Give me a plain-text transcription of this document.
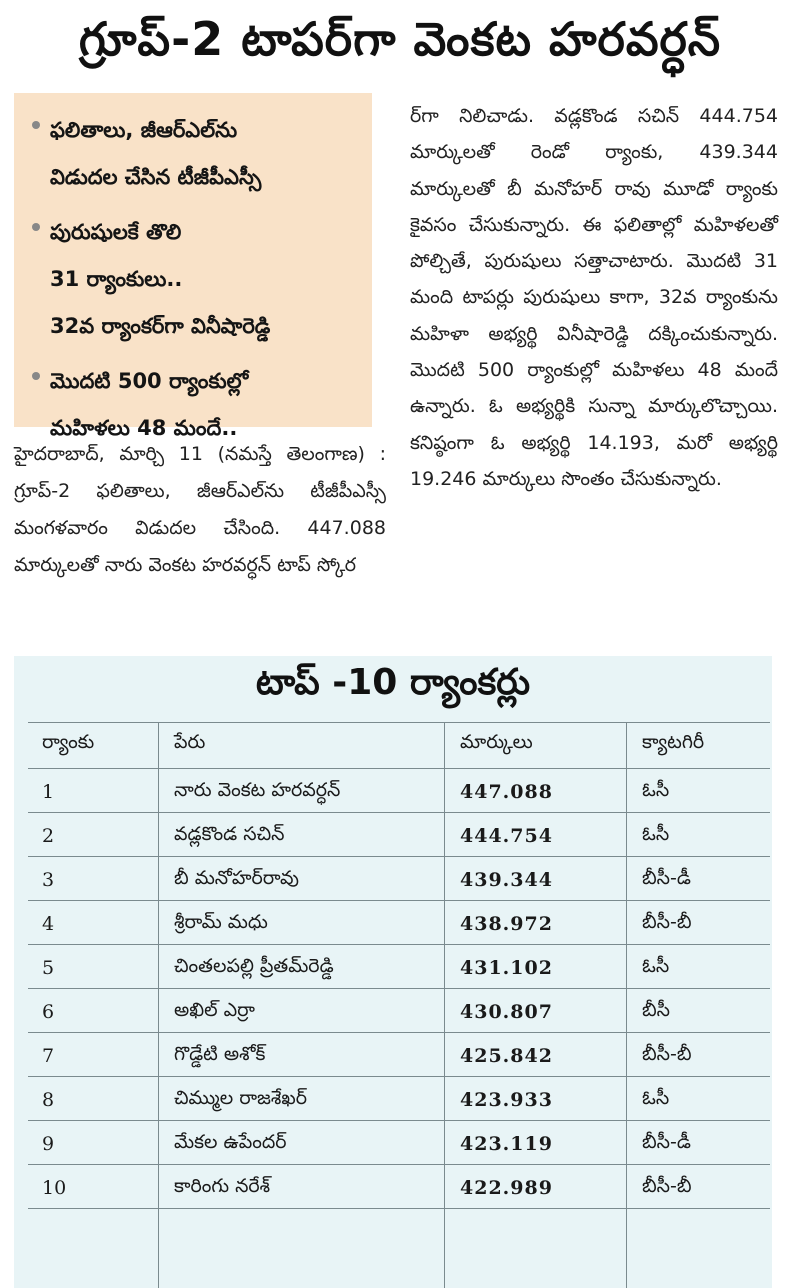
గ్రూప్-2 టాపర్‌గా వెంకట హరవర్ధన్
ఫలితాలు, జీఆర్‌ఎల్‌ను
విడుదల చేసిన టీజీపీఎస్సీ
పురుషులకే తొలి
31 ర్యాంకులు..
32వ ర్యాంకర్‌గా వినీషారెడ్డి
మొదటి 500 ర్యాంకుల్లో
మహిళలు 48 మందే..
హైదరాబాద్, మార్చి 11 (నమస్తే తెలంగాణ) : గ్రూప్-2 ఫలితాలు, జీఆర్‌ఎల్‌ను టీజీపీఎస్సీ మంగళవారం విడుదల చేసింది. 447.088 మార్కులతో నారు వెంకట హరవర్ధన్ టాప్ స్కోర
ర్‌గా నిలిచాడు. వడ్లకొండ సచిన్ 444.754 మార్కులతో రెండో ర్యాంకు, 439.344 మార్కులతో బీ మనోహర్ రావు మూడో ర్యాంకు కైవసం చేసుకున్నారు. ఈ ఫలితాల్లో మహిళలతో పోల్చితే, పురుషులు సత్తాచాటారు. మొదటి 31 మంది టాపర్లు పురుషులు కాగా, 32వ ర్యాంకును మహిళా అభ్యర్థి వినీషారెడ్డి దక్కించుకున్నారు. మొదటి 500 ర్యాంకుల్లో మహిళలు 48 మందే ఉన్నారు. ఓ అభ్యర్థికి సున్నా మార్కులొచ్చాయి. కనిష్ఠంగా ఓ అభ్యర్థి 14.193, మరో అభ్యర్థి 19.246 మార్కులు సొంతం చేసుకున్నారు.
టాప్ -10 ర్యాంకర్లు
ర్యాంకు	పేరు	మార్కులు	క్యాటగిరీ
1	నారు వెంకట హరవర్ధన్	447.088	ఓసీ
2	వడ్లకొండ సచిన్	444.754	ఓసీ
3	బీ మనోహర్‌రావు	439.344	బీసీ-డీ
4	శ్రీరామ్ మధు	438.972	బీసీ-బీ
5	చింతలపల్లి ప్రీతమ్‌రెడ్డి	431.102	ఓసీ
6	అఖిల్ ఎర్రా	430.807	బీసీ
7	గొడ్డేటి అశోక్	425.842	బీసీ-బీ
8	చిమ్ముల రాజశేఖర్	423.933	ఓసీ
9	మేకల ఉపేందర్	423.119	బీసీ-డీ
10	కారింగు నరేశ్	422.989	బీసీ-బీ
